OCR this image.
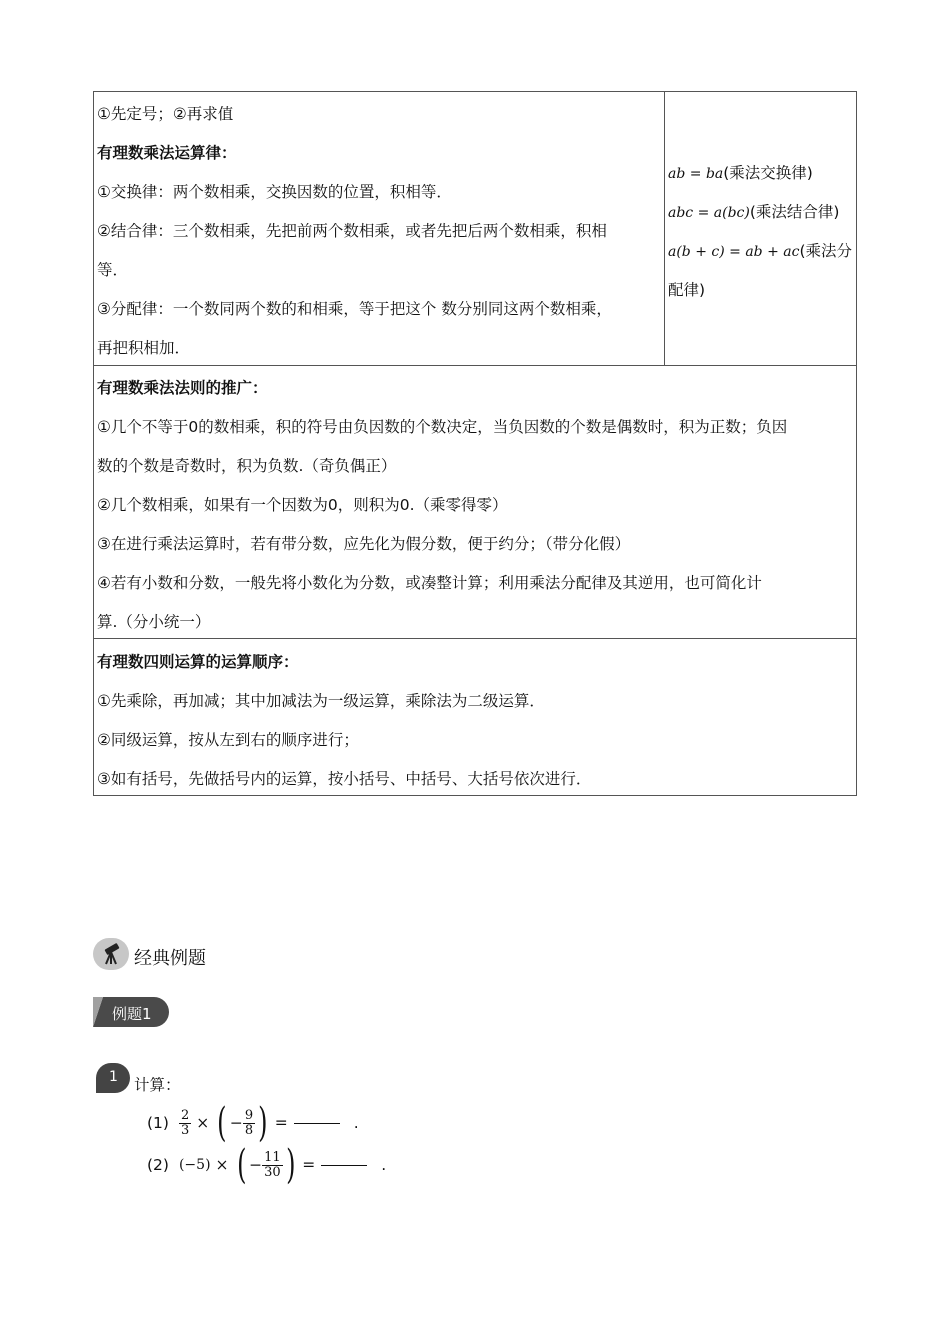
①先定号；②再求值
有理数乘法运算律：
①交换律：两个数相乘，交换因数的位置，积相等．
②结合律：三个数相乘，先把前两个数相乘，或者先把后两个数相乘，积相
等．
③分配律：一个数同两个数的和相乘，等于把这个 数分别同这两个数相乘，
再把积相加．
ab = ba(乘法交换律)
abc = a(bc)(乘法结合律)
a(b + c) = ab + ac(乘法分
配律)
有理数乘法法则的推广：
①几个不等于0的数相乘，积的符号由负因数的个数决定，当负因数的个数是偶数时，积为正数；负因
数的个数是奇数时，积为负数.（奇负偶正）
②几个数相乘，如果有一个因数为0，则积为0.（乘零得零）
③在进行乘法运算时，若有带分数，应先化为假分数，便于约分；（带分化假）
④若有小数和分数，一般先将小数化为分数，或凑整计算；利用乘法分配律及其逆用，也可简化计
算.（分小统一）
有理数四则运算的运算顺序：
①先乘除，再加减；其中加减法为一级运算，乘除法为二级运算．
②同级运算，按从左到右的顺序进行；
③如有括号，先做括号内的运算，按小括号、中括号、大括号依次进行．
经典例题
例题1
1 计算：
$(1) \frac{2}{3}$ × ( − $\frac{9}{8}$ ) =	.
(2) (−5) × ( − $\frac{11}{30}$ ) =	.
